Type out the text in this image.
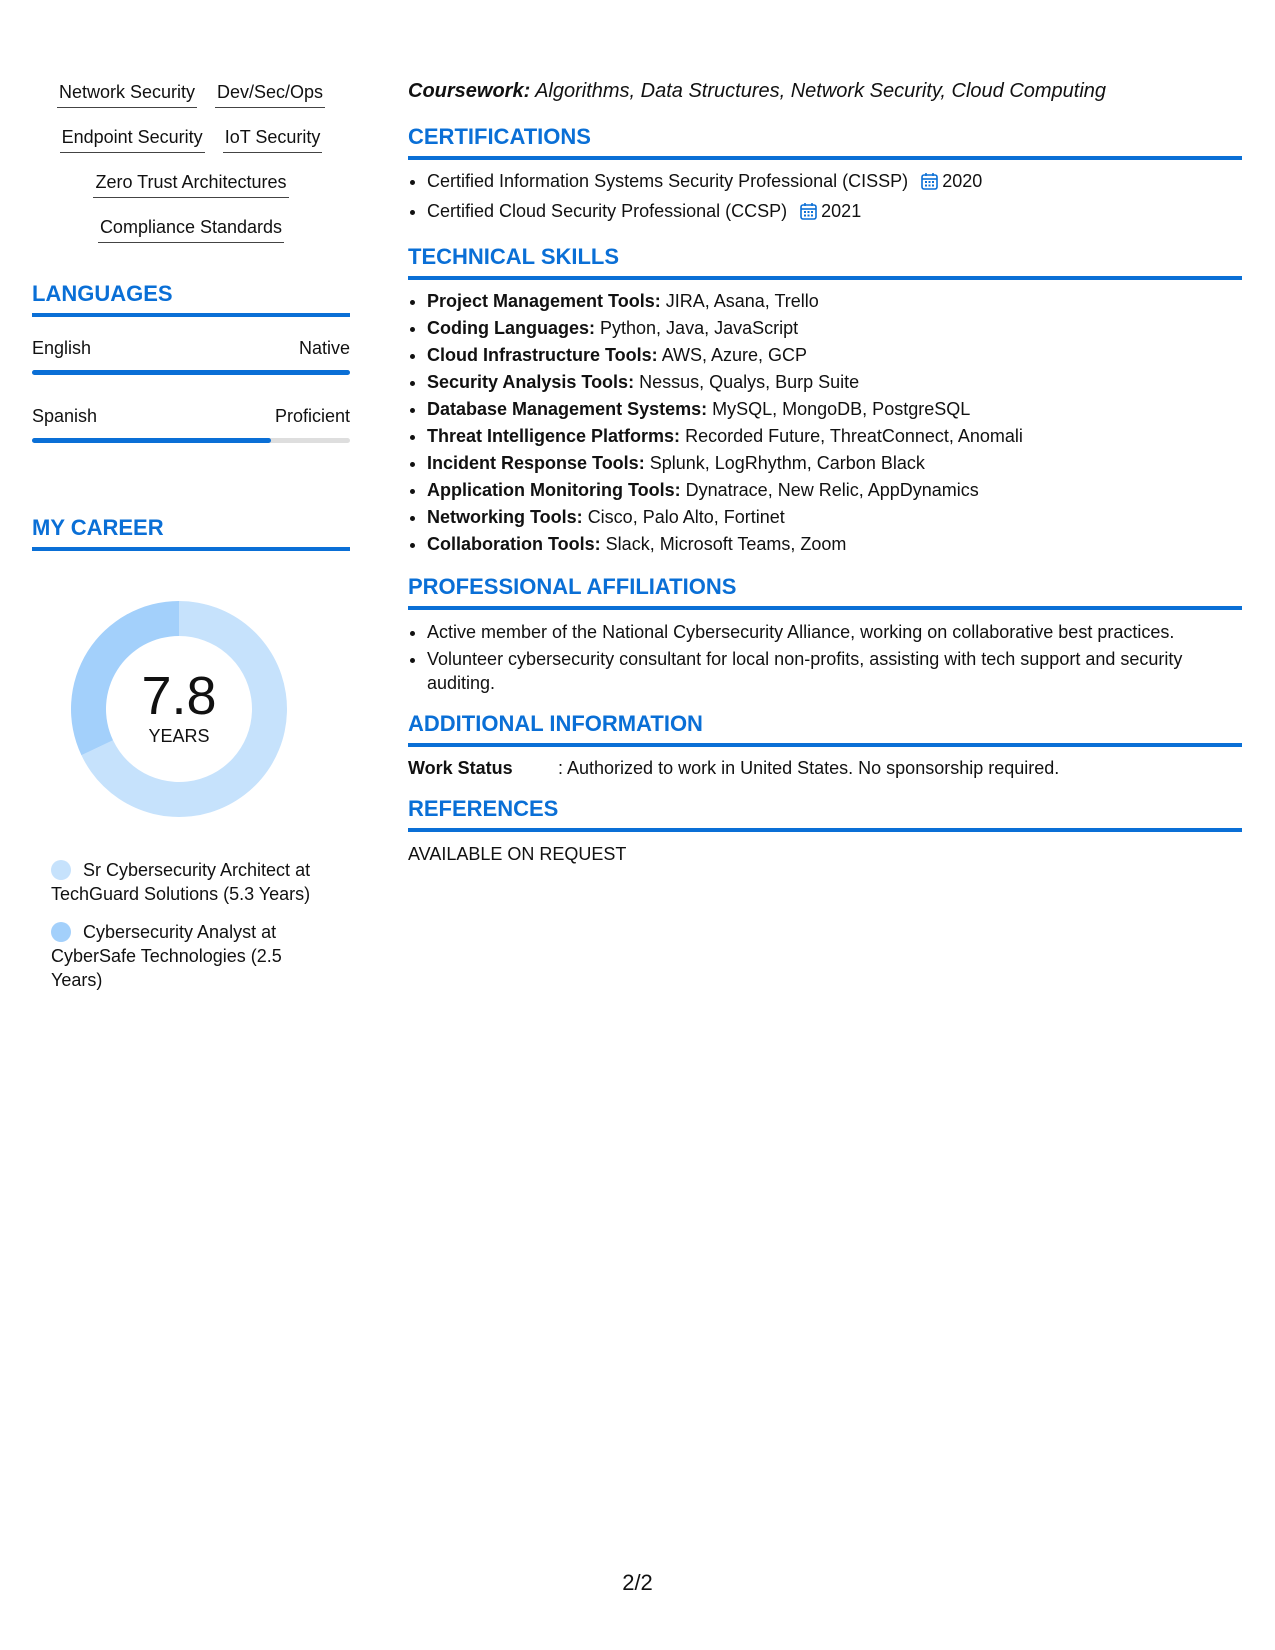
Network Security Dev/Sec/Ops
Endpoint Security IoT Security
Zero Trust Architectures
Compliance Standards
LANGUAGES
English	Native
Spanish	Proficient
MY CAREER
7.8
YEARS
Sr Cybersecurity Architect at TechGuard Solutions (5.3 Years)
Cybersecurity Analyst at CyberSafe Technologies (2.5 Years)

Coursework: Algorithms, Data Structures, Network Security, Cloud Computing

CERTIFICATIONS
• Certified Information Systems Security Professional (CISSP) 2020
• Certified Cloud Security Professional (CCSP) 2021
TECHNICAL SKILLS
• Project Management Tools: JIRA, Asana, Trello
• Coding Languages: Python, Java, JavaScript
• Cloud Infrastructure Tools: AWS, Azure, GCP
• Security Analysis Tools: Nessus, Qualys, Burp Suite
• Database Management Systems: MySQL, MongoDB, PostgreSQL
• Threat Intelligence Platforms: Recorded Future, ThreatConnect, Anomali
• Incident Response Tools: Splunk, LogRhythm, Carbon Black
• Application Monitoring Tools: Dynatrace, New Relic, AppDynamics
• Networking Tools: Cisco, Palo Alto, Fortinet
• Collaboration Tools: Slack, Microsoft Teams, Zoom
PROFESSIONAL AFFILIATIONS
• Active member of the National Cybersecurity Alliance, working on collaborative best practices.
• Volunteer cybersecurity consultant for local non-profits, assisting with tech support and security auditing.
ADDITIONAL INFORMATION
Work Status	: Authorized to work in United States. No sponsorship required.
REFERENCES

AVAILABLE ON REQUEST

2/2
